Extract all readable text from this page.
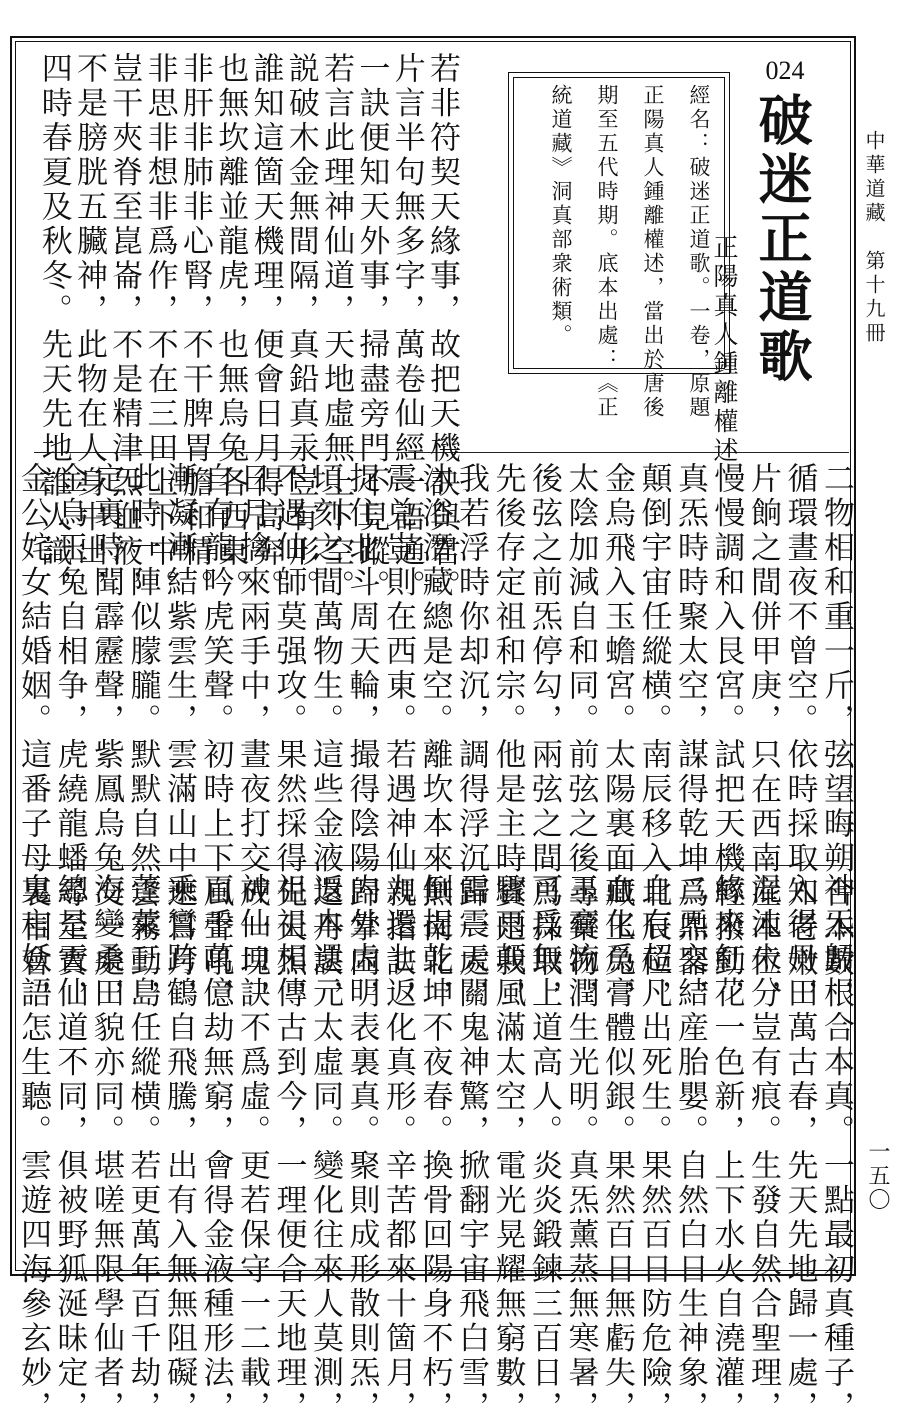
中華道藏　第十九冊
一五〇
024
破迷正道歌
正陽真人鍾離權述
經名：破迷正道歌。一卷，原題
正陽真人鍾離權述，當出於唐後
期至五代時期。底本出處：《正
統道藏》洞真部衆術類。
若非符契天緣事，故把天機訣與君。
片言半句無多字，萬卷仙經一語通。
一訣便知天外事，掃盡旁門不見蹤。
若言此理神仙道，天地虛無上下空。
説破木金無間隔，真鉛真汞豈有形。
誰知這箇天機理，便會日月得高奔。
也無坎離並龍虎，也無烏兔各西東。
非肝非肺非心腎，不干脾胃膽和精。
非思非想非爲作，不在三田上下中。
豈干夾脊至崑崙，不是精津炁血液，
不是膀胱五臟神，此物在人身中出，
四時春夏及秋冬。先天先地誰人識，
二物相和重一斤，弦望晦朔合本數，
循環晝夜不曾空。依時採取知老嫩，
片餉之間併甲庚，只在西南産本位，
慢慢調和入艮宮。試把天機輕撥動，
真炁時時聚太空，謀得乾坤爲鼎器，
顛倒宇宙任縱横。南辰移入北辰位，
金烏飛入玉蟾宮。太陽裏面藏玉兔，
太陰加減自和同。前弦之後尋藥物，
後弦之前炁停勾，兩弦之間爲採取，
先後存定祖和宗。他是主時賓是我，
我若浮時你却沉，調得浮沉歸一處，
沐浴潛藏總是空。離坎本來無南北，
震兑豈則在西東。若遇神仙親指訣，
捉住北斗周天輪，撮得陰陽歸掌内，
頃刻之間萬物生。這些金液還丹訣，
不遇仙師莫强攻。果然採得先天炁，
日月擒來兩手中，晝夜打交成一塊，
自有龍吟虎笑聲。初時上下風聲吼，
漸凝漸結紫雲生，雲滿山中遮日月，
此時一陣似朦朧。默默自然雲霧動，
定裏時聞霹靂聲，紫鳳烏兔交一處，
金烏玉兔自相争，虎繞龍蟠尋至寶，
金公姹女結婚姻。這番子母裏相會，
神炁歸根合本真。一點最初真種子，
入得丹田萬古春，先天先地歸一處，
混沌未分豈有痕。生發自然合聖理，
緣來紅花一色新，上下水火自澆灌，
二炁交結産胎嬰。自然白日生神象，
自有超凡出死生。果然百日防危險，
血化爲膏體似銀。果然百日無虧失，
玉膏流潤生光明。真炁薰蒸無寒暑，
可爲無上道高人。炎炎鍛鍊三百日，
驟雨顛風滿太空，電光晃耀無窮數，
雷震天關鬼神驚，掀翻宇宙飛白雪，
倒捉乾坤不夜春。換骨回陽身不朽，
九還七返化真形。辛苦都來十箇月，
内外虛明表裏真。聚則成形散則炁，
返本還元太虛同。變化往來人莫測，
祖祖相傳古到今，一理便合天地理，
神仙口訣不爲虛。更若保守一二載，
百千萬億劫無窮，會得金液種形法，
乘鸞跨鶴自飛騰，出有入無無阻礙，
蓬萊三島任縱横。若更萬年百千劫，
海變桑田貌亦同。堪嗟無限學仙者，
總是天仙道不同，俱被野狐涎昧定，
鬼言妖語怎生聽。雲遊四海參玄妙，
